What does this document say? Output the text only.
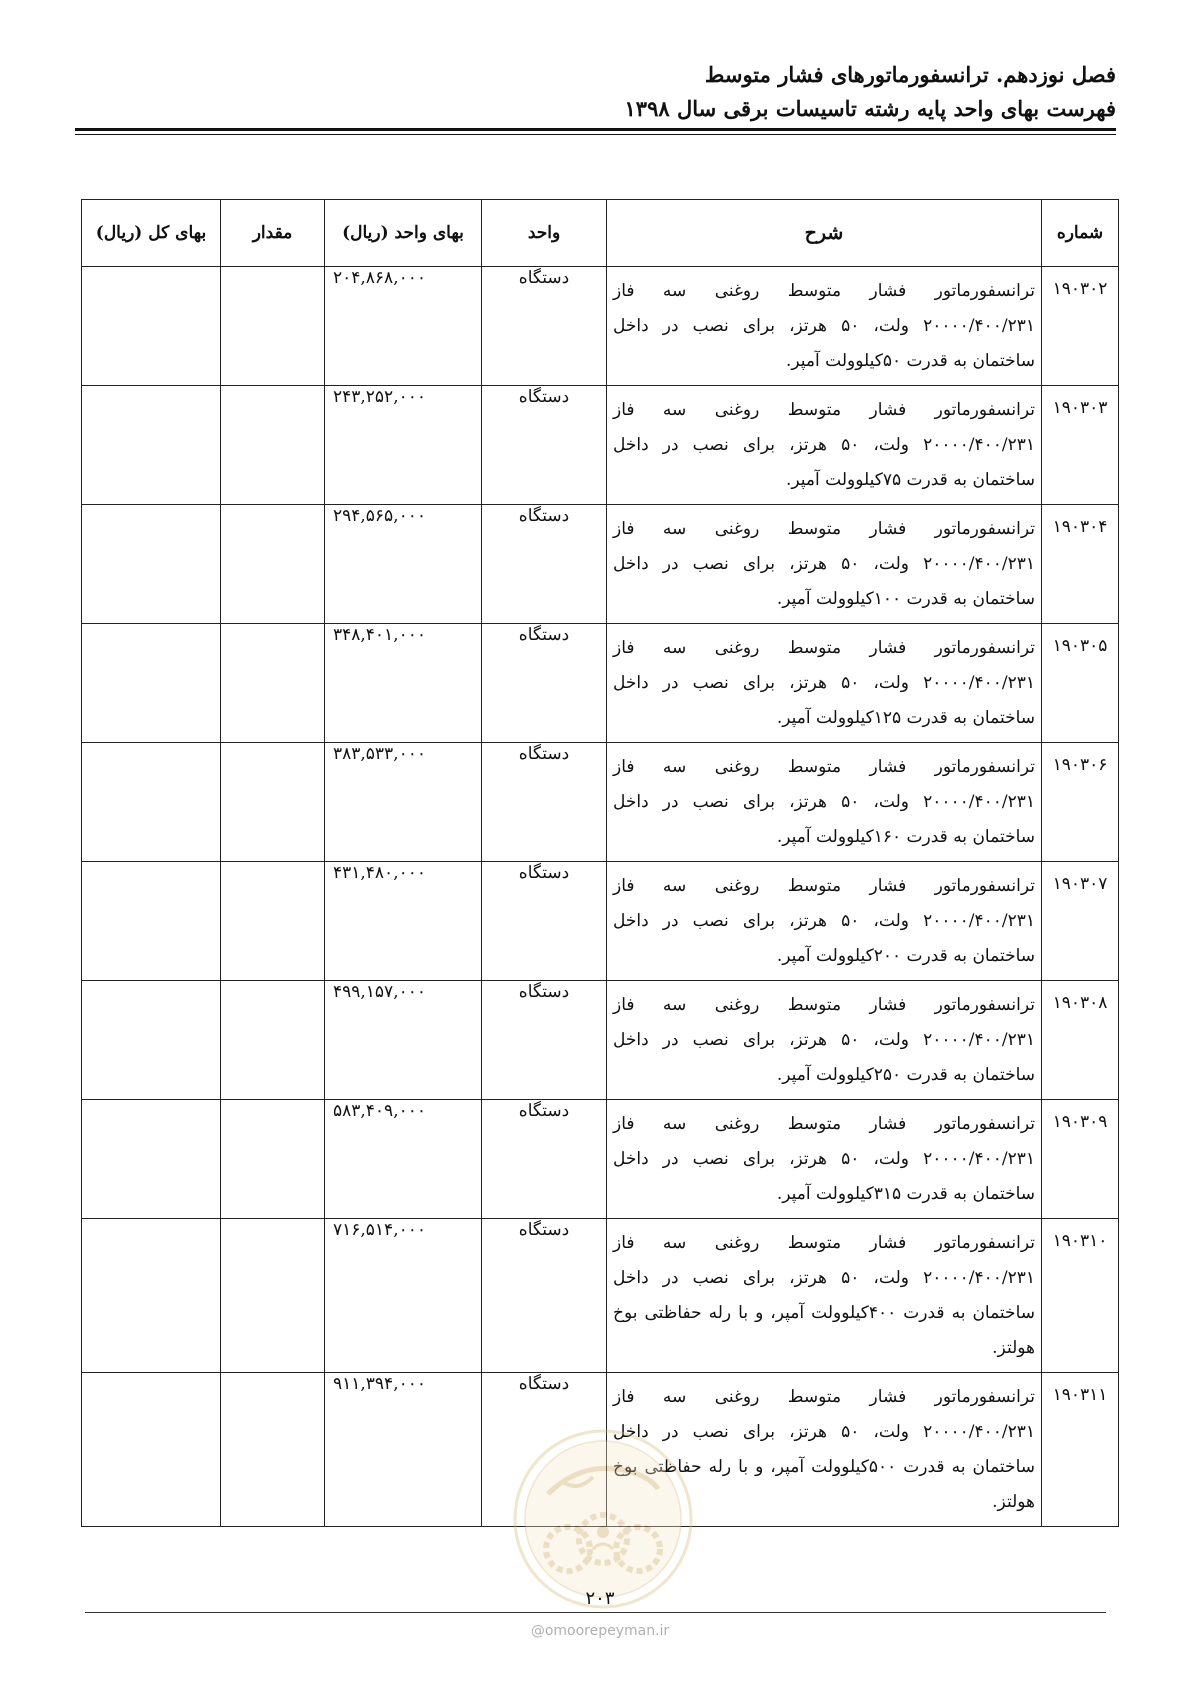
فصل نوزدهم. ترانسفورماتورهای فشار متوسط
فهرست بهای واحد پایه رشته تاسیسات برقی سال ۱۳۹۸
شماره	شرح	واحد	بهای واحد (ریال)	مقدار	بهای کل (ریال)
۱۹۰۳۰۲	ترانسفورماتور فشار متوسط روغنی سه فاز ۲۰۰۰۰/۴۰۰/۲۳۱ ولت، ۵۰ هرتز، برای نصب در داخل ساختمان به قدرت ۵۰کیلوولت آمپر.	دستگاه	۲۰۴,۸۶۸,۰۰۰		
۱۹۰۳۰۳	ترانسفورماتور فشار متوسط روغنی سه فاز ۲۰۰۰۰/۴۰۰/۲۳۱ ولت، ۵۰ هرتز، برای نصب در داخل ساختمان به قدرت ۷۵کیلوولت آمپر.	دستگاه	۲۴۳,۲۵۲,۰۰۰		
۱۹۰۳۰۴	ترانسفورماتور فشار متوسط روغنی سه فاز ۲۰۰۰۰/۴۰۰/۲۳۱ ولت، ۵۰ هرتز، برای نصب در داخل ساختمان به قدرت ۱۰۰کیلوولت آمپر.	دستگاه	۲۹۴,۵۶۵,۰۰۰		
۱۹۰۳۰۵	ترانسفورماتور فشار متوسط روغنی سه فاز ۲۰۰۰۰/۴۰۰/۲۳۱ ولت، ۵۰ هرتز، برای نصب در داخل ساختمان به قدرت ۱۲۵کیلوولت آمپر.	دستگاه	۳۴۸,۴۰۱,۰۰۰		
۱۹۰۳۰۶	ترانسفورماتور فشار متوسط روغنی سه فاز ۲۰۰۰۰/۴۰۰/۲۳۱ ولت، ۵۰ هرتز، برای نصب در داخل ساختمان به قدرت ۱۶۰کیلوولت آمپر.	دستگاه	۳۸۳,۵۳۳,۰۰۰		
۱۹۰۳۰۷	ترانسفورماتور فشار متوسط روغنی سه فاز ۲۰۰۰۰/۴۰۰/۲۳۱ ولت، ۵۰ هرتز، برای نصب در داخل ساختمان به قدرت ۲۰۰کیلوولت آمپر.	دستگاه	۴۳۱,۴۸۰,۰۰۰		
۱۹۰۳۰۸	ترانسفورماتور فشار متوسط روغنی سه فاز ۲۰۰۰۰/۴۰۰/۲۳۱ ولت، ۵۰ هرتز، برای نصب در داخل ساختمان به قدرت ۲۵۰کیلوولت آمپر.	دستگاه	۴۹۹,۱۵۷,۰۰۰		
۱۹۰۳۰۹	ترانسفورماتور فشار متوسط روغنی سه فاز ۲۰۰۰۰/۴۰۰/۲۳۱ ولت، ۵۰ هرتز، برای نصب در داخل ساختمان به قدرت ۳۱۵کیلوولت آمپر.	دستگاه	۵۸۳,۴۰۹,۰۰۰		
۱۹۰۳۱۰	ترانسفورماتور فشار متوسط روغنی سه فاز ۲۰۰۰۰/۴۰۰/۲۳۱ ولت، ۵۰ هرتز، برای نصب در داخل ساختمان به قدرت ۴۰۰کیلوولت آمپر، و با رله حفاظتی بوخ هولتز.	دستگاه	۷۱۶,۵۱۴,۰۰۰		
۱۹۰۳۱۱	ترانسفورماتور فشار متوسط روغنی سه فاز ۲۰۰۰۰/۴۰۰/۲۳۱ ولت، ۵۰ هرتز، برای نصب در داخل ساختمان به قدرت ۵۰۰کیلوولت آمپر، و با رله حفاظتی بوخ هولتز.	دستگاه	۹۱۱,۳۹۴,۰۰۰		
۲۰۳
@omoorepeyman.ir
